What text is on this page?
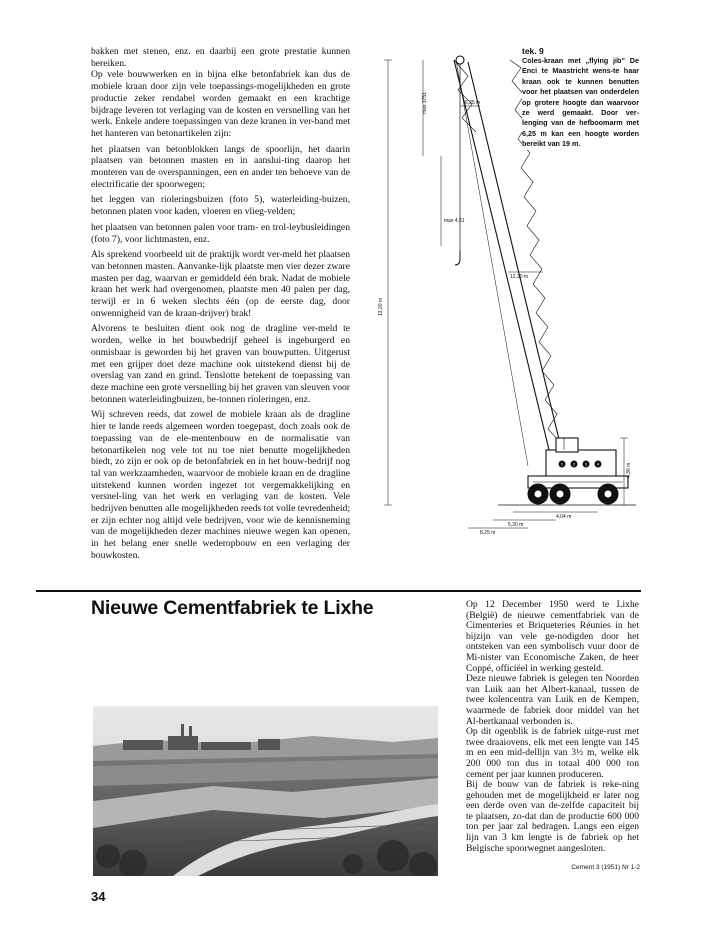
bakken met stenen, enz. en daarbij een grote prestatie kunnen bereiken.

Op vele bouwwerken en in bijna elke betonfabriek kan dus de mobiele kraan door zijn vele toepassings-mogelijkheden en grote productie zeker rendabel worden gemaakt en een krachtige bijdrage leveren tot verlaging van de kosten en versnelling van het werk. Enkele andere toepassingen van deze kranen in ver-band met het hanteren van betonartikelen zijn:

het plaatsen van betonblokken langs de spoorlijn, het daarin plaatsen van betonnen masten en in aanslui-ting daarop het monteren van de overspanningen, een en ander ten behoeve van de electrificatie der spoorwegen;

het leggen van rioleringsbuizen (foto 5), waterleiding-buizen, betonnen platen voor kaden, vloeren en vlieg-velden;

het plaatsen van betonnen palen voor tram- en trol-leybusleidingen (foto 7), voor lichtmasten, enz.

Als sprekend voorbeeld uit de praktijk wordt ver-meld het plaatsen van betonnen masten. Aanvanke-lijk plaatste men vier dezer zware masten per dag, waarvan er gemiddeld één brak. Nadat de mobiele kraan het werk had overgenomen, plaatste men 40 palen per dag, terwijl er in 6 weken slechts één (op de eerste dag, door onwennigheid van de kraan-drijver) brak!

Alvorens te besluiten dient ook nog de dragline ver-meld te worden, welke in het bouwbedrijf geheel is ingeburgerd en onmisbaar is geworden bij het graven van bouwputten. Uitgerust met een grijper doet deze machine ook uitstekend dienst bij de overslag van zand en grind. Tenslotte betekent de toepassing van deze machine een grote versnelling bij het graven van sleuven voor betonnen waterleidingbuizen, be-tonnen rioleringen, enz.

Wij schreven reeds, dat zowel de mobiele kraan als de dragline hier te lande reeds algemeen worden toegepast, doch zoals ook de toepassing van de ele-mentenbouw en de normalisatie van betonartikelen nog vele tot nu toe niet benutte mogelijkheden biedt, zo zijn er ook op de betonfabriek en in het bouw-bedrijf nog tal van werkzaamheden, waarvoor de mobiele kraan en de dragline uitstekend kunnen worden ingezet tot vergemakkelijking en versnel-ling van het werk en verlaging van de kosten. Vele bedrijven benutten alle mogelijkheden reeds tot volle tevredenheid; er zijn echter nog altijd vele bedrijven, voor wie de kennisneming van de mogelijkheden dezer machines nieuwe wegen kan openen, in het belang ener snelle wederopbouw en een verlaging der bouwkosten.

1 2 3 4
13,20 m
6,25 m
max 1751
max 4,51
12,20 m
4,36 m
4,04 m
5,30 m
8,25 m
tek. 9
Coles-kraan met „flying jib” De Enci te Maastricht wens-te haar kraan ook te kunnen benutten voor het plaatsen van onderdelen op grotere hoogte dan waarvoor ze werd gemaakt. Door ver-lenging van de hefboomarm met 6,25 m kan een hoogte worden bereikt van 19 m.
Nieuwe Cementfabriek te Lixhe	Op 12 December 1950 werd te Lixhe (België) de nieuwe cementfabriek van de Cimenteries et Briqueteries Réunies in het bijzijn van vele ge-nodigden door het ontsteken van een symbolisch vuur door de Mi-nister van Economische Zaken, de heer Coppé, officiëel in werking gesteld.

Deze nieuwe fabriek is gelegen ten Noorden van Luik aan het Albert-kanaal, tussen de twee kolencentra van Luik en de Kempen, waarmede de fabriek door middel van het Al-bertkanaal verbonden is.

Op dit ogenblik is de fabriek uitge-rust met twee draaiovens, elk met een lengte van 145 m en een mid-dellijn van 3½ m, welke elk 200 000 ton dus in totaal 400 000 ton cement per jaar kunnen produceren.

Bij de bouw van de fabriek is reke-ning gehouden met de mogelijkheid er later nog een derde oven van de-zelfde capaciteit bij te plaatsen, zo-dat dan de productie 600 000 ton per jaar zal bedragen. Langs een eigen lijn van 3 km lengte is de fabriek op het Belgische spoorwegnet aangesloten.

Cement 3 (1951) Nr 1-2
34
